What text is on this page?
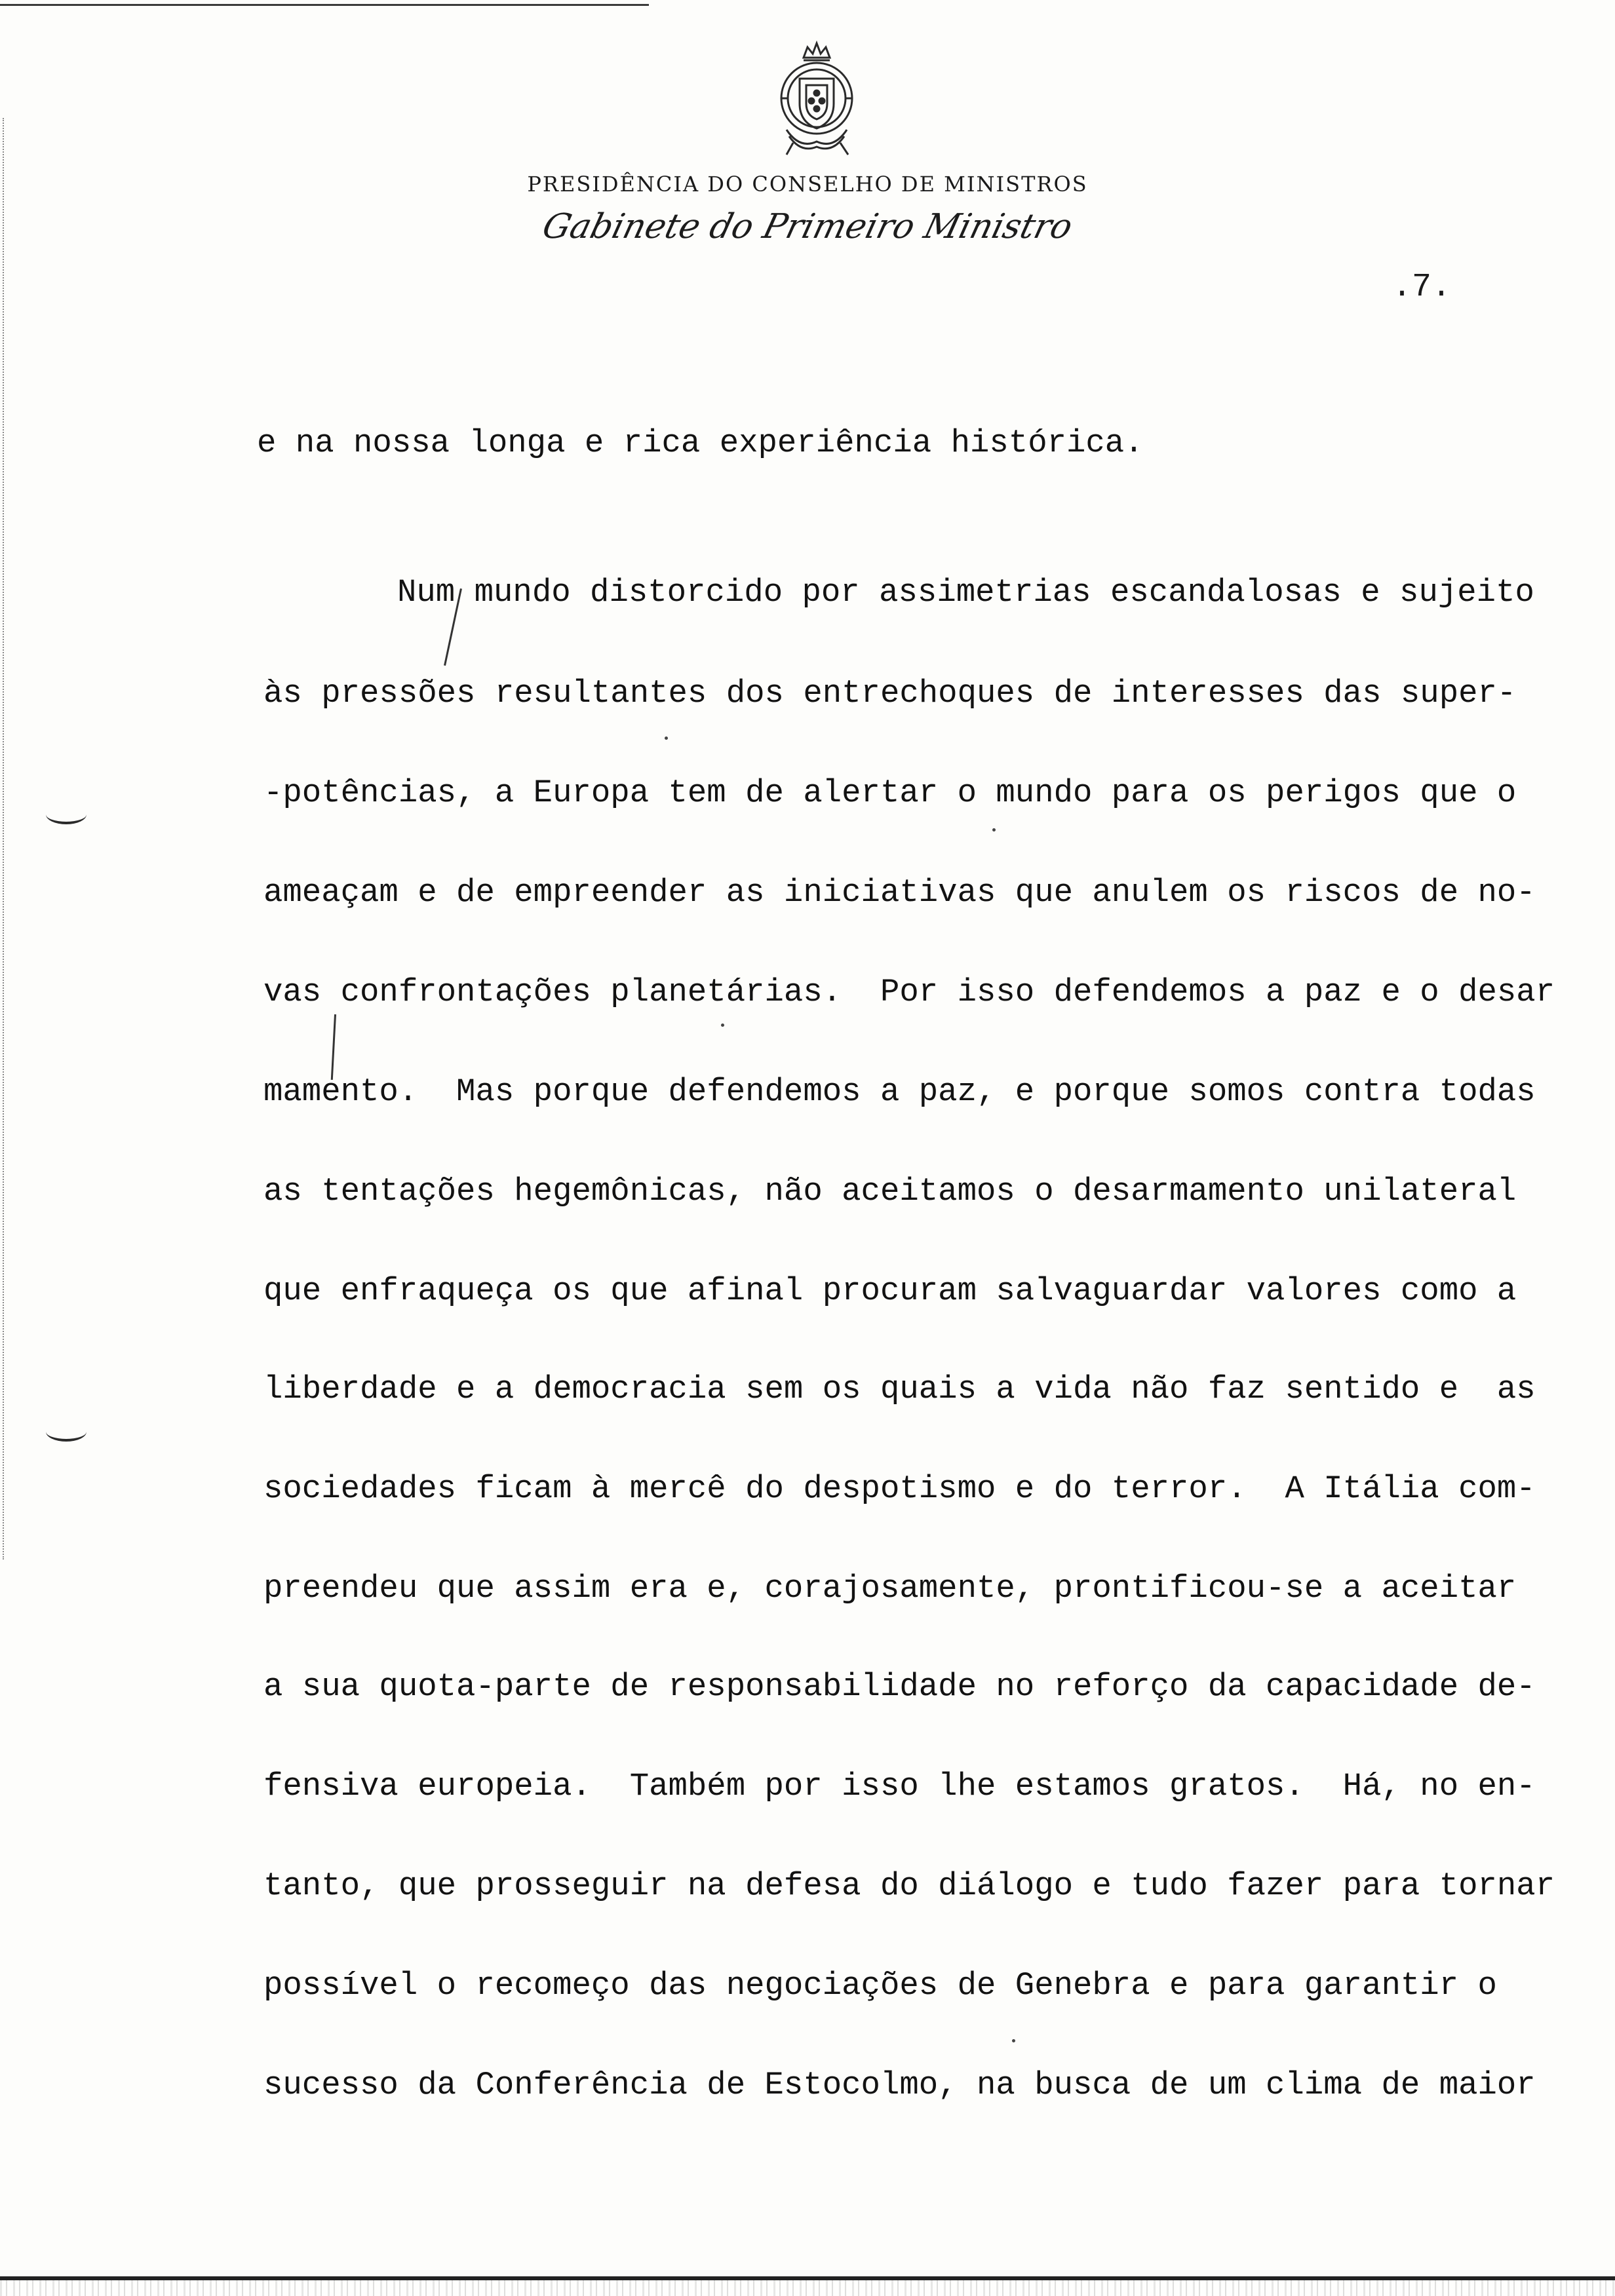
PRESIDÊNCIA DO CONSELHO DE MINISTROS
Gabinete do Primeiro Ministro
.7.
e na nossa longa e rica experiência histórica.
Num mundo distorcido por assimetrias escandalosas e sujeito
às pressões resultantes dos entrechoques de interesses das super-
-potências, a Europa tem de alertar o mundo para os perigos que o
ameaçam e de empreender as iniciativas que anulem os riscos de no-
vas confrontações planetárias.  Por isso defendemos a paz e o desar
mamento.  Mas porque defendemos a paz, e porque somos contra todas
as tentações hegemônicas, não aceitamos o desarmamento unilateral
que enfraqueça os que afinal procuram salvaguardar valores como a
liberdade e a democracia sem os quais a vida não faz sentido e  as
sociedades ficam à mercê do despotismo e do terror.  A Itália com-
preendeu que assim era e, corajosamente, prontificou-se a aceitar
a sua quota-parte de responsabilidade no reforço da capacidade de-
fensiva europeia.  Também por isso lhe estamos gratos.  Há, no en-
tanto, que prosseguir na defesa do diálogo e tudo fazer para tornar
possível o recomeço das negociações de Genebra e para garantir o
sucesso da Conferência de Estocolmo, na busca de um clima de maior
